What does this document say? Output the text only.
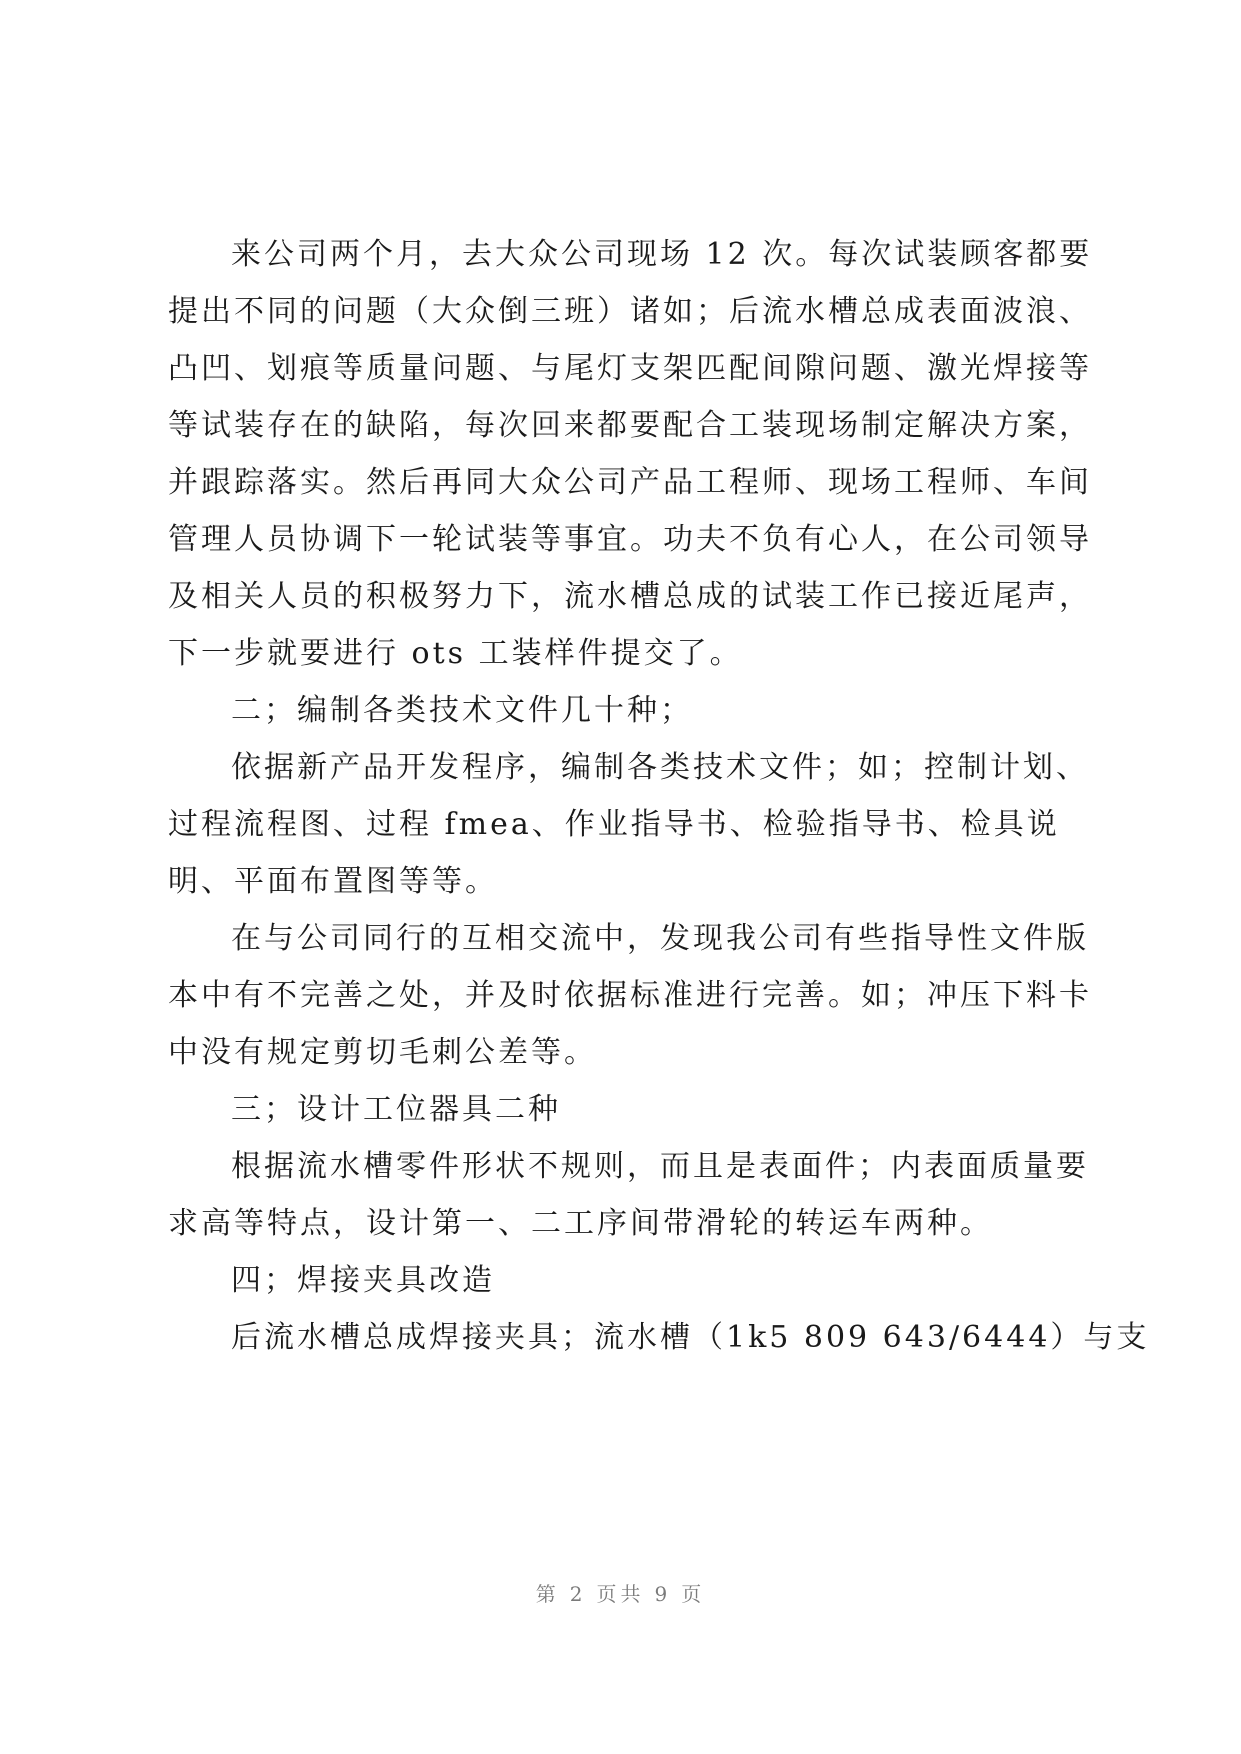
来公司两个月，去大众公司现场 12 次。每次试装顾客都要
提出不同的问题（大众倒三班）诸如；后流水槽总成表面波浪、
凸凹、划痕等质量问题、与尾灯支架匹配间隙问题、激光焊接等
等试装存在的缺陷，每次回来都要配合工装现场制定解决方案，
并跟踪落实。然后再同大众公司产品工程师、现场工程师、车间
管理人员协调下一轮试装等事宜。功夫不负有心人，在公司领导
及相关人员的积极努力下，流水槽总成的试装工作已接近尾声，
下一步就要进行 ots 工装样件提交了。
二；编制各类技术文件几十种；
依据新产品开发程序，编制各类技术文件；如；控制计划、
过程流程图、过程 fmea、作业指导书、检验指导书、检具说
明、平面布置图等等。
在与公司同行的互相交流中，发现我公司有些指导性文件版
本中有不完善之处，并及时依据标准进行完善。如；冲压下料卡
中没有规定剪切毛刺公差等。
三；设计工位器具二种
根据流水槽零件形状不规则，而且是表面件；内表面质量要
求高等特点，设计第一、二工序间带滑轮的转运车两种。
四；焊接夹具改造
后流水槽总成焊接夹具；流水槽（1k5 809 643/6444）与支
第 2 页共 9 页
